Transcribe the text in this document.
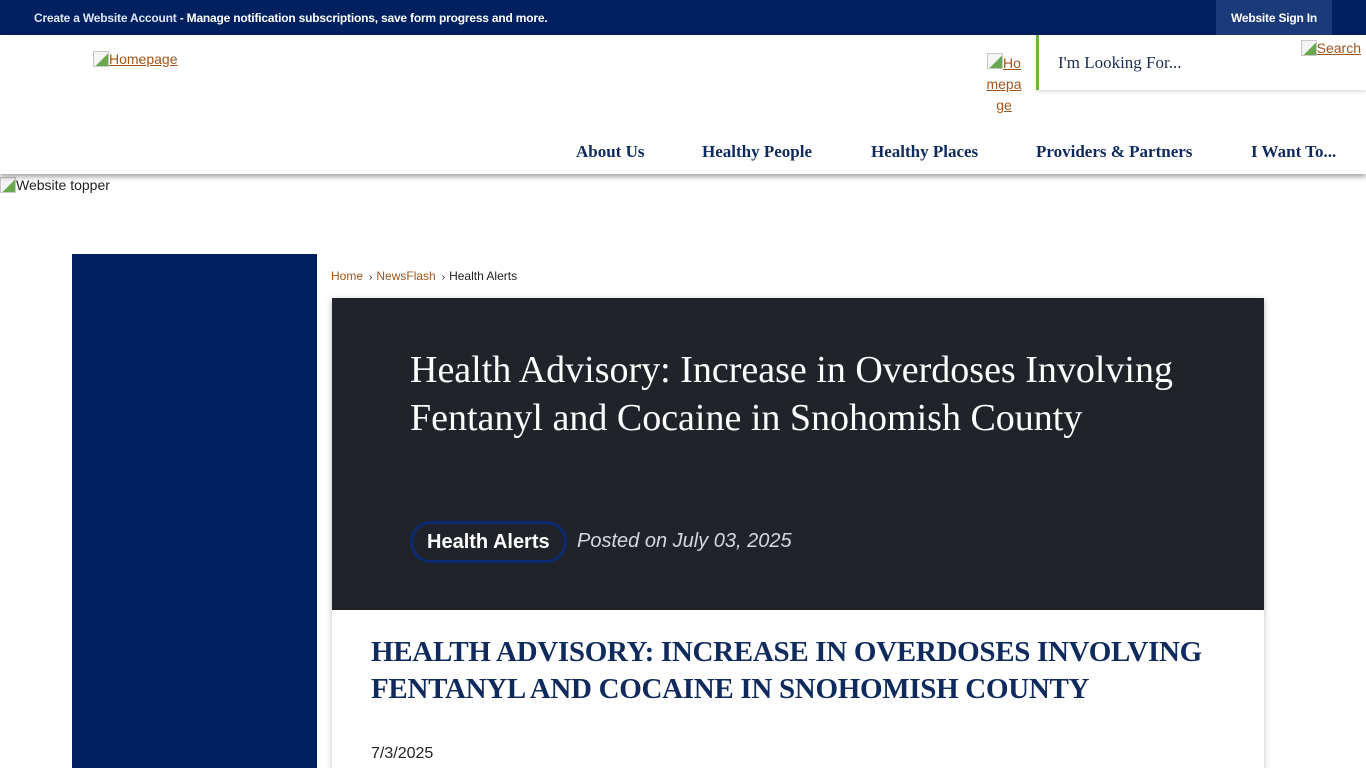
Create a Website Account - Manage notification subscriptions, save form progress and more.	Website Sign In
Homepage	Homepage
I'm Looking For...
Search
About Us	Healthy People	Healthy Places	Providers & Partners	I Want To...
Website topper
Home › NewsFlash › Health Alerts
Health Advisory: Increase in Overdoses Involving Fentanyl and Cocaine in Snohomish County
Health Alerts	Posted on July 03, 2025
HEALTH ADVISORY: INCREASE IN OVERDOSES INVOLVING FENTANYL AND COCAINE IN SNOHOMISH COUNTY
7/3/2025
